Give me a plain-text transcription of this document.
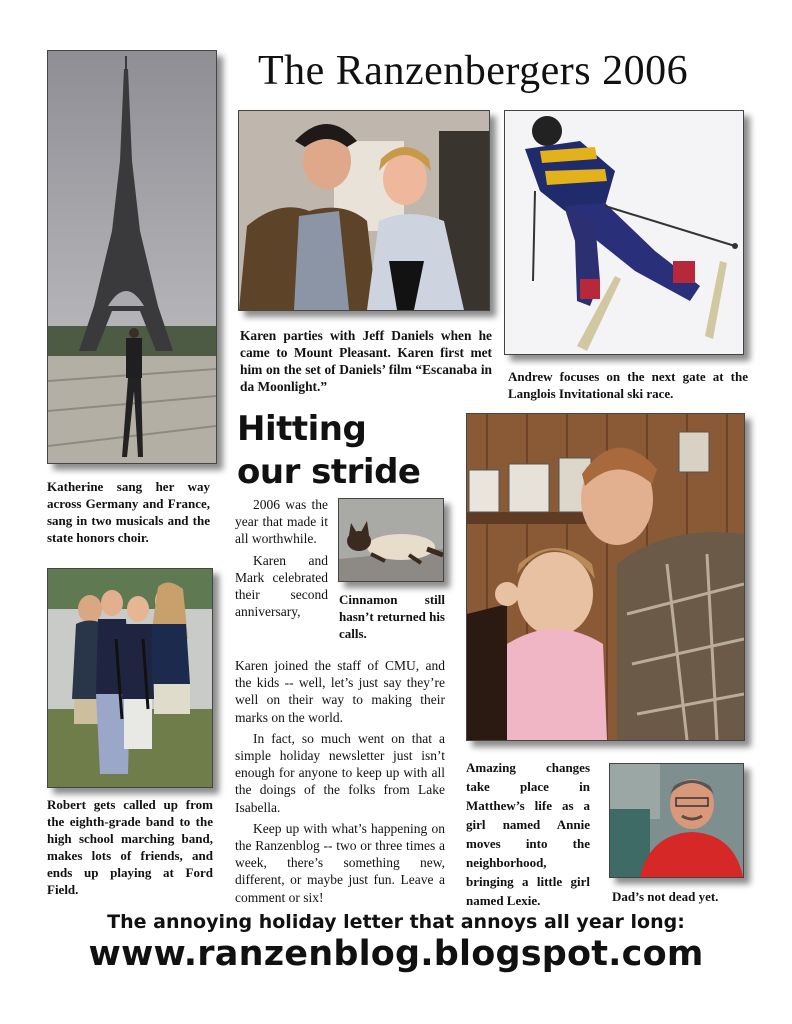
The Ranzenbergers 2006
Karen parties with Jeff Daniels when he came to Mount Pleasant. Karen first met him on the set of Daniels’ film “Escanaba in da Moonlight.”
Andrew focuses on the next gate at the Langlois Invitational ski race.
Hitting
our stride
Katherine sang her way across Germany and France, sang in two musicals and the state honors choir.

2006 was the year that made it all worthwhile.

Karen and Mark celebrated their second anniversary,

Cinnamon still hasn’t returned his calls.

Karen joined the staff of CMU, and the kids -- well, let’s just say they’re well on their way to making their marks on the world.

In fact, so much went on that a simple holiday newsletter just isn’t enough for anyone to keep up with all the doings of the folks from Lake Isabella.

Keep up with what’s happening on the Ranzenblog -- two or three times a week, there’s something new, different, or maybe just fun. Leave a comment or six!

Robert gets called up from the eighth-grade band to the high school marching band, makes lots of friends, and ends up playing at Ford Field.
Amazing changes take place in Matthew’s life as a girl named Annie moves into the neighborhood, bringing a little girl named Lexie.	Dad’s not dead yet.
The annoying holiday letter that annoys all year long:
www.ranzenblog.blogspot.com
